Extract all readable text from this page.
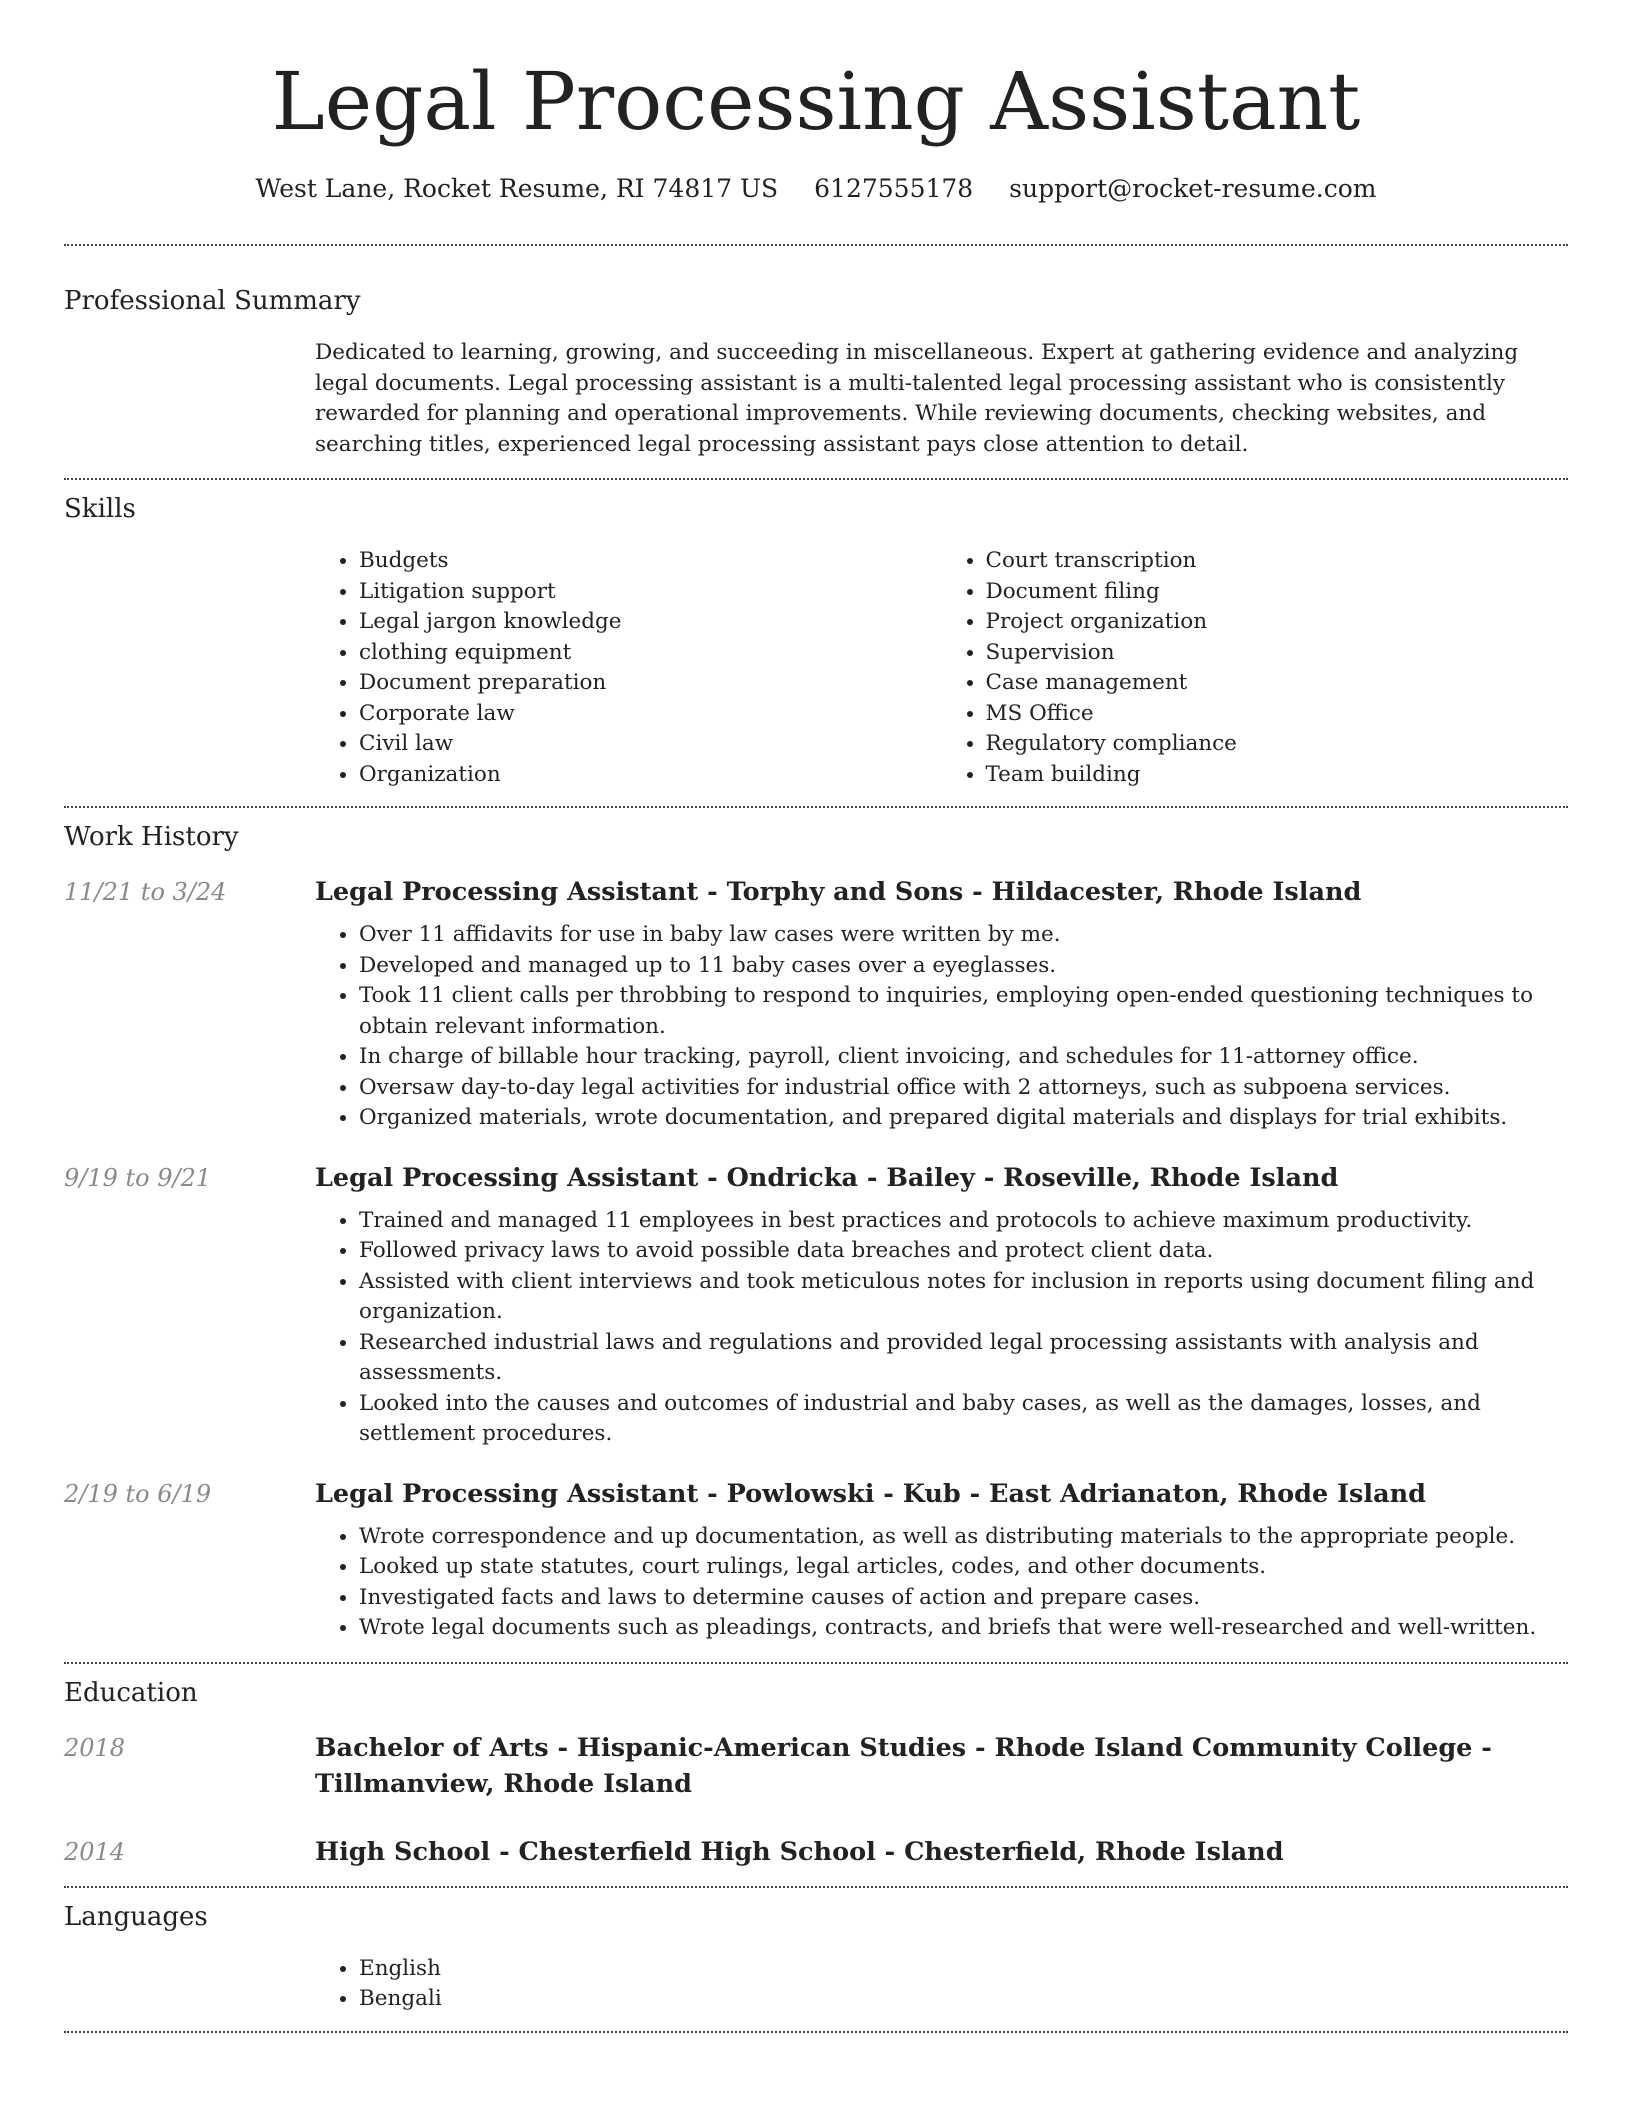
Legal Processing Assistant
West Lane, Rocket Resume, RI 74817 US 6127555178 support@rocket-resume.com
Professional Summary

Dedicated to learning, growing, and succeeding in miscellaneous. Expert at gathering evidence and analyzing legal documents. Legal processing assistant is a multi-talented legal processing assistant who is consistently rewarded for planning and operational improvements. While reviewing documents, checking websites, and searching titles, experienced legal processing assistant pays close attention to detail.

Skills
• Budgets
• Litigation support
• Legal jargon knowledge
• clothing equipment
• Document preparation
• Corporate law
• Civil law
• Organization
• Court transcription
• Document filing
• Project organization
• Supervision
• Case management
• MS Office
• Regulatory compliance
• Team building
Work History
11/21 to 3/24	Legal Processing Assistant - Torphy and Sons - Hildacester, Rhode Island
• Over 11 affidavits for use in baby law cases were written by me.
• Developed and managed up to 11 baby cases over a eyeglasses.
• Took 11 client calls per throbbing to respond to inquiries, employing open-ended questioning techniques to obtain relevant information.
• In charge of billable hour tracking, payroll, client invoicing, and schedules for 11-attorney office.
• Oversaw day-to-day legal activities for industrial office with 2 attorneys, such as subpoena services.
• Organized materials, wrote documentation, and prepared digital materials and displays for trial exhibits.
9/19 to 9/21	Legal Processing Assistant - Ondricka - Bailey - Roseville, Rhode Island
• Trained and managed 11 employees in best practices and protocols to achieve maximum productivity.
• Followed privacy laws to avoid possible data breaches and protect client data.
• Assisted with client interviews and took meticulous notes for inclusion in reports using document filing and organization.
• Researched industrial laws and regulations and provided legal processing assistants with analysis and assessments.
• Looked into the causes and outcomes of industrial and baby cases, as well as the damages, losses, and settlement procedures.
2/19 to 6/19	Legal Processing Assistant - Powlowski - Kub - East Adrianaton, Rhode Island
• Wrote correspondence and up documentation, as well as distributing materials to the appropriate people.
• Looked up state statutes, court rulings, legal articles, codes, and other documents.
• Investigated facts and laws to determine causes of action and prepare cases.
• Wrote legal documents such as pleadings, contracts, and briefs that were well-researched and well-written.
Education
2018	Bachelor of Arts - Hispanic-American Studies - Rhode Island Community College - Tillmanview, Rhode Island
2014	High School - Chesterfield High School - Chesterfield, Rhode Island
Languages
• English
• Bengali
